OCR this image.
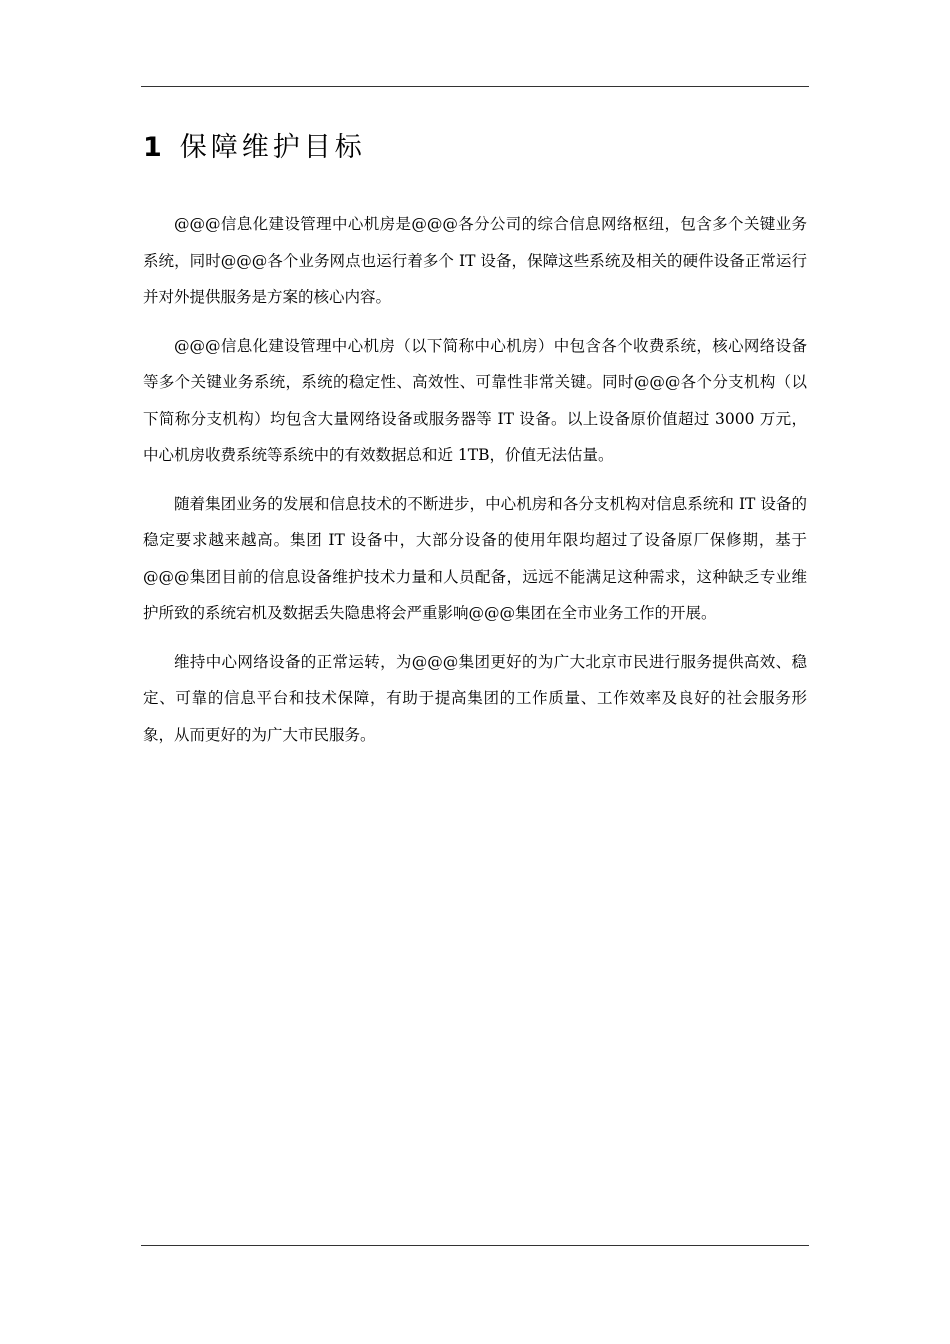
1 保障维护目标

@@@信息化建设管理中心机房是@@@各分公司的综合信息网络枢纽，包含多个关键业务系统，同时@@@各个业务网点也运行着多个 IT 设备，保障这些系统及相关的硬件设备正常运行并对外提供服务是方案的核心内容。

@@@信息化建设管理中心机房（以下简称中心机房）中包含各个收费系统，核心网络设备等多个关键业务系统，系统的稳定性、高效性、可靠性非常关键。同时@@@各个分支机构（以下简称分支机构）均包含大量网络设备或服务器等 IT 设备。以上设备原价值超过 3000 万元，中心机房收费系统等系统中的有效数据总和近 1TB，价值无法估量。

随着集团业务的发展和信息技术的不断进步，中心机房和各分支机构对信息系统和 IT 设备的稳定要求越来越高。集团 IT 设备中，大部分设备的使用年限均超过了设备原厂保修期，基于@@@集团目前的信息设备维护技术力量和人员配备，远远不能满足这种需求，这种缺乏专业维护所致的系统宕机及数据丢失隐患将会严重影响@@@集团在全市业务工作的开展。

维持中心网络设备的正常运转，为@@@集团更好的为广大北京市民进行服务提供高效、稳定、可靠的信息平台和技术保障，有助于提高集团的工作质量、工作效率及良好的社会服务形象，从而更好的为广大市民服务。
